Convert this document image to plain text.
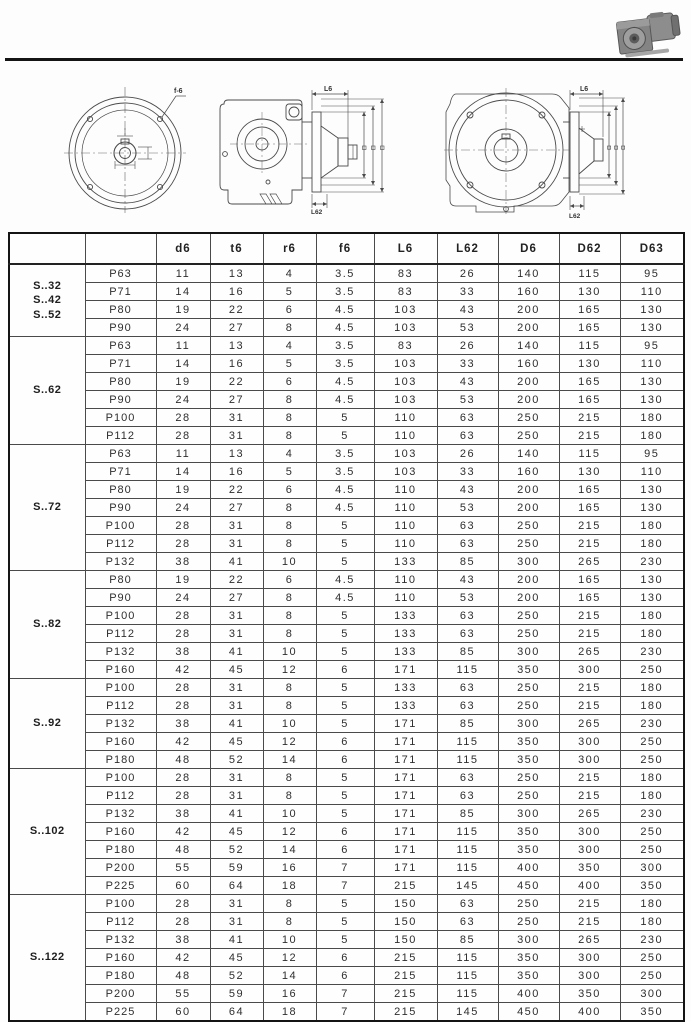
f-6	L6
L62
L6
L62
		d6	t6	r6	f6	L6	L62	D6	D62	D63

S..32
S..42
S..52	P63	11	13	4	3.5	83	26	140	115	95
	P71	14	16	5	3.5	83	33	160	130	110
	P80	19	22	6	4.5	103	43	200	165	130
	P90	24	27	8	4.5	103	53	200	165	130

S..62	P63	11	13	4	3.5	83	26	140	115	95
	P71	14	16	5	3.5	103	33	160	130	110
	P80	19	22	6	4.5	103	43	200	165	130
	P90	24	27	8	4.5	103	53	200	165	130
	P100	28	31	8	5	110	63	250	215	180
	P112	28	31	8	5	110	63	250	215	180

S..72	P63	11	13	4	3.5	103	26	140	115	95
	P71	14	16	5	3.5	103	33	160	130	110
	P80	19	22	6	4.5	110	43	200	165	130
	P90	24	27	8	4.5	110	53	200	165	130
	P100	28	31	8	5	110	63	250	215	180
	P112	28	31	8	5	110	63	250	215	180
	P132	38	41	10	5	133	85	300	265	230

S..82	P80	19	22	6	4.5	110	43	200	165	130
	P90	24	27	8	4.5	110	53	200	165	130
	P100	28	31	8	5	133	63	250	215	180
	P112	28	31	8	5	133	63	250	215	180
	P132	38	41	10	5	133	85	300	265	230
	P160	42	45	12	6	171	115	350	300	250

S..92	P100	28	31	8	5	133	63	250	215	180
	P112	28	31	8	5	133	63	250	215	180
	P132	38	41	10	5	171	85	300	265	230
	P160	42	45	12	6	171	115	350	300	250
	P180	48	52	14	6	171	115	350	300	250

S..102	P100	28	31	8	5	171	63	250	215	180
	P112	28	31	8	5	171	63	250	215	180
	P132	38	41	10	5	171	85	300	265	230
	P160	42	45	12	6	171	115	350	300	250
	P180	48	52	14	6	171	115	350	300	250
	P200	55	59	16	7	171	115	400	350	300
	P225	60	64	18	7	215	145	450	400	350

S..122	P100	28	31	8	5	150	63	250	215	180
	P112	28	31	8	5	150	63	250	215	180
	P132	38	41	10	5	150	85	300	265	230
	P160	42	45	12	6	215	115	350	300	250
	P180	48	52	14	6	215	115	350	300	250
	P200	55	59	16	7	215	115	400	350	300
	P225	60	64	18	7	215	145	450	400	350
